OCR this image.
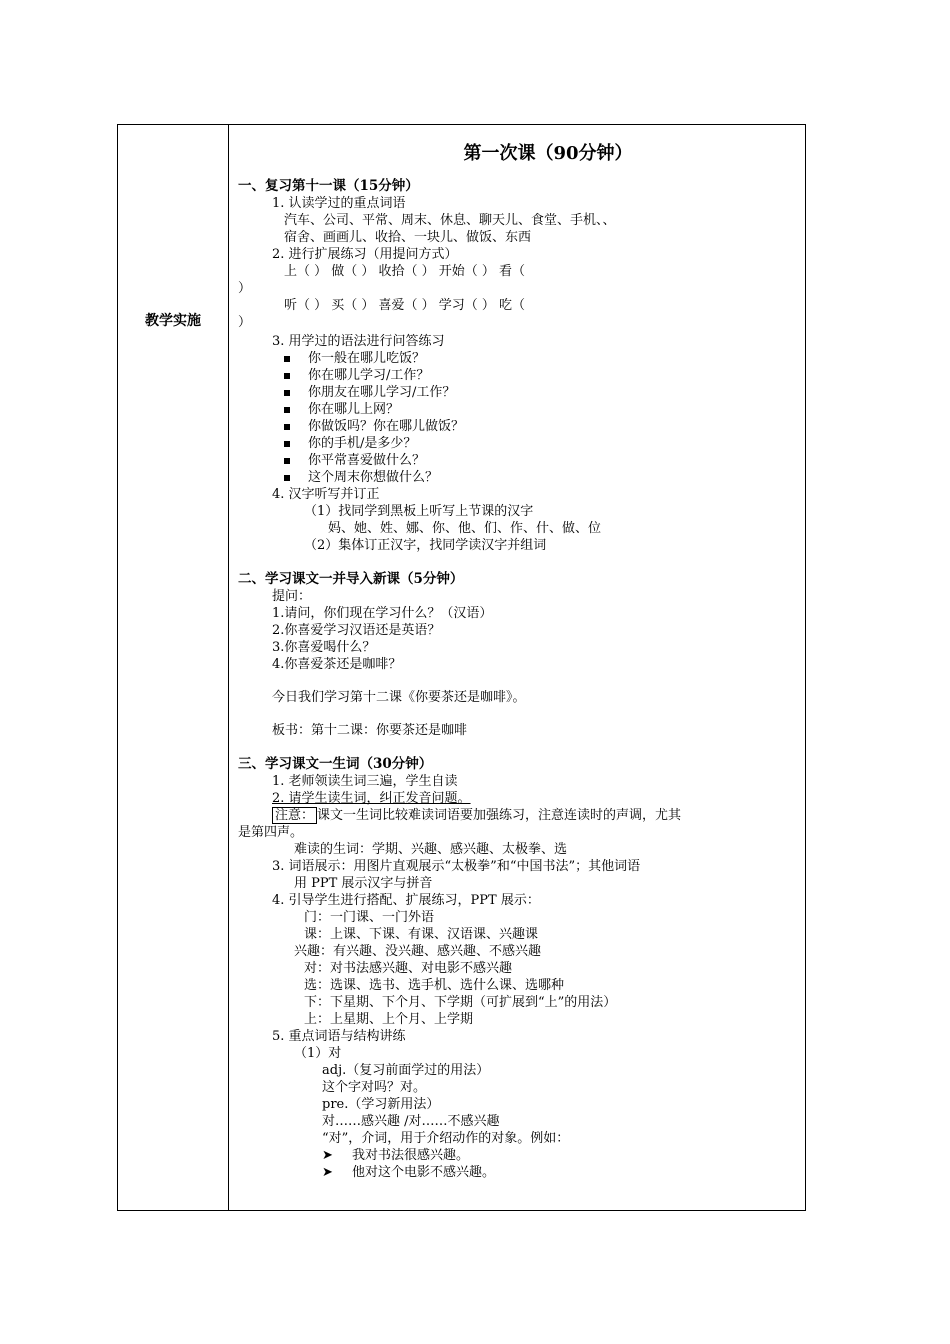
教学实施
第一次课（90分钟）
一、复习第十一课（15分钟）
1. 认读学过的重点词语
汽车、公司、平常、周末、休息、聊天儿、食堂、手机、、
宿舍、画画儿、收拾、一块儿、做饭、东西
2. 进行扩展练习（用提问方式）
上（ ） 做（ ） 收拾（ ） 开始（ ） 看（
）
听（ ） 买（ ） 喜爱（ ） 学习（ ） 吃（
）
3. 用学过的语法进行问答练习
你一般在哪儿吃饭？
你在哪儿学习/工作？
你朋友在哪儿学习/工作？
你在哪儿上网？
你做饭吗？你在哪儿做饭？
你的手机/是多少？
你平常喜爱做什么？
这个周末你想做什么？
4. 汉字听写并订正
（1）找同学到黑板上听写上节课的汉字
妈、她、姓、娜、你、他、们、作、什、做、位
（2）集体订正汉字，找同学读汉字并组词
二、学习课文一并导入新课（5分钟）
提问：
1.请问，你们现在学习什么？（汉语）
2.你喜爱学习汉语还是英语？
3.你喜爱喝什么？
4.你喜爱茶还是咖啡？
今日我们学习第十二课《你要茶还是咖啡》。
板书：第十二课：你要茶还是咖啡
三、学习课文一生词（30分钟）
1. 老师领读生词三遍，学生自读
2. 请学生读生词，纠正发音问题。
注意： 课文一生词比较难读词语要加强练习，注意连读时的声调，尤其
是第四声。
难读的生词：学期、兴趣、感兴趣、太极拳、选
3. 词语展示：用图片直观展示“太极拳”和“中国书法”；其他词语
用 PPT 展示汉字与拼音
4. 引导学生进行搭配、扩展练习，PPT 展示：
门：一门课、一门外语
课：上课、下课、有课、汉语课、兴趣课
兴趣：有兴趣、没兴趣、感兴趣、不感兴趣
对：对书法感兴趣、对电影不感兴趣
选：选课、选书、选手机、选什么课、选哪种
下：下星期、下个月、下学期（可扩展到“上”的用法）
上：上星期、上个月、上学期
5. 重点词语与结构讲练
（1）对
adj.（复习前面学过的用法）
这个字对吗？对。
pre.（学习新用法）
对……感兴趣 /对……不感兴趣
“对”，介词，用于介绍动作的对象。例如：
➤ 我对书法很感兴趣。
➤ 他对这个电影不感兴趣。
